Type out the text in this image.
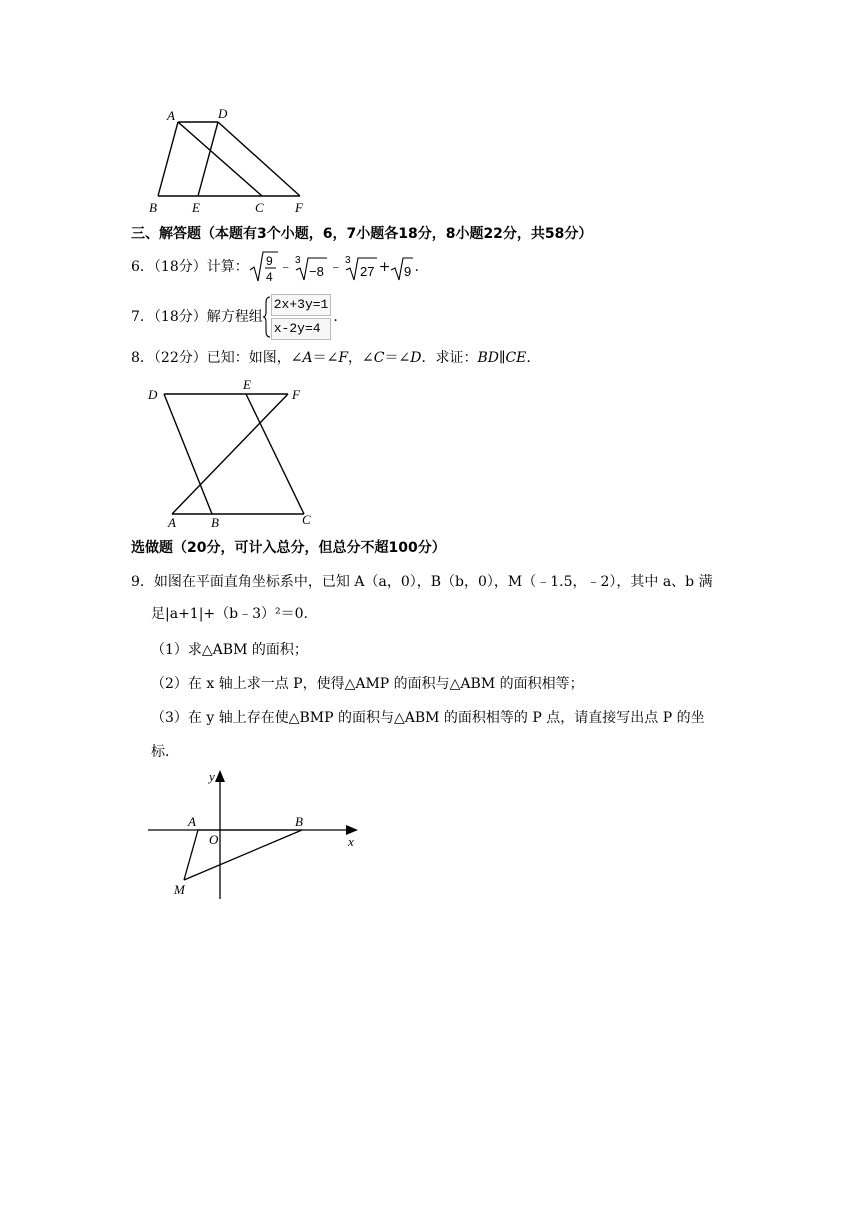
A	D
B	E	C F
三、解答题（本题有3个小题，6，7小题各18分，8小题22分，共58分）
6．（18分）计算： 9
4
﹣ 3
−8 ﹣ 3
27 + 9 .
7．（18分）解方程组
2x+3y=1
x-2y=4
.
8．（22分）已知：如图，∠A＝∠F，∠C＝∠D．求证：BD∥CE.
D
E
F
A	B	C
选做题（20分，可计入总分，但总分不超100分）
9．如图在平面直角坐标系中，已知 A（a，0），B（b，0），M（﹣1.5，﹣2），其中 a、b 满
足|a+1|+（b﹣3）²＝0.
（1）求△ABM 的面积；
（2）在 x 轴上求一点 P，使得△AMP 的面积与△ABM 的面积相等；
（3）在 y 轴上存在使△BMP 的面积与△ABM 的面积相等的 P 点，请直接写出点 P 的坐
标.
y
x
A
O
B
M
